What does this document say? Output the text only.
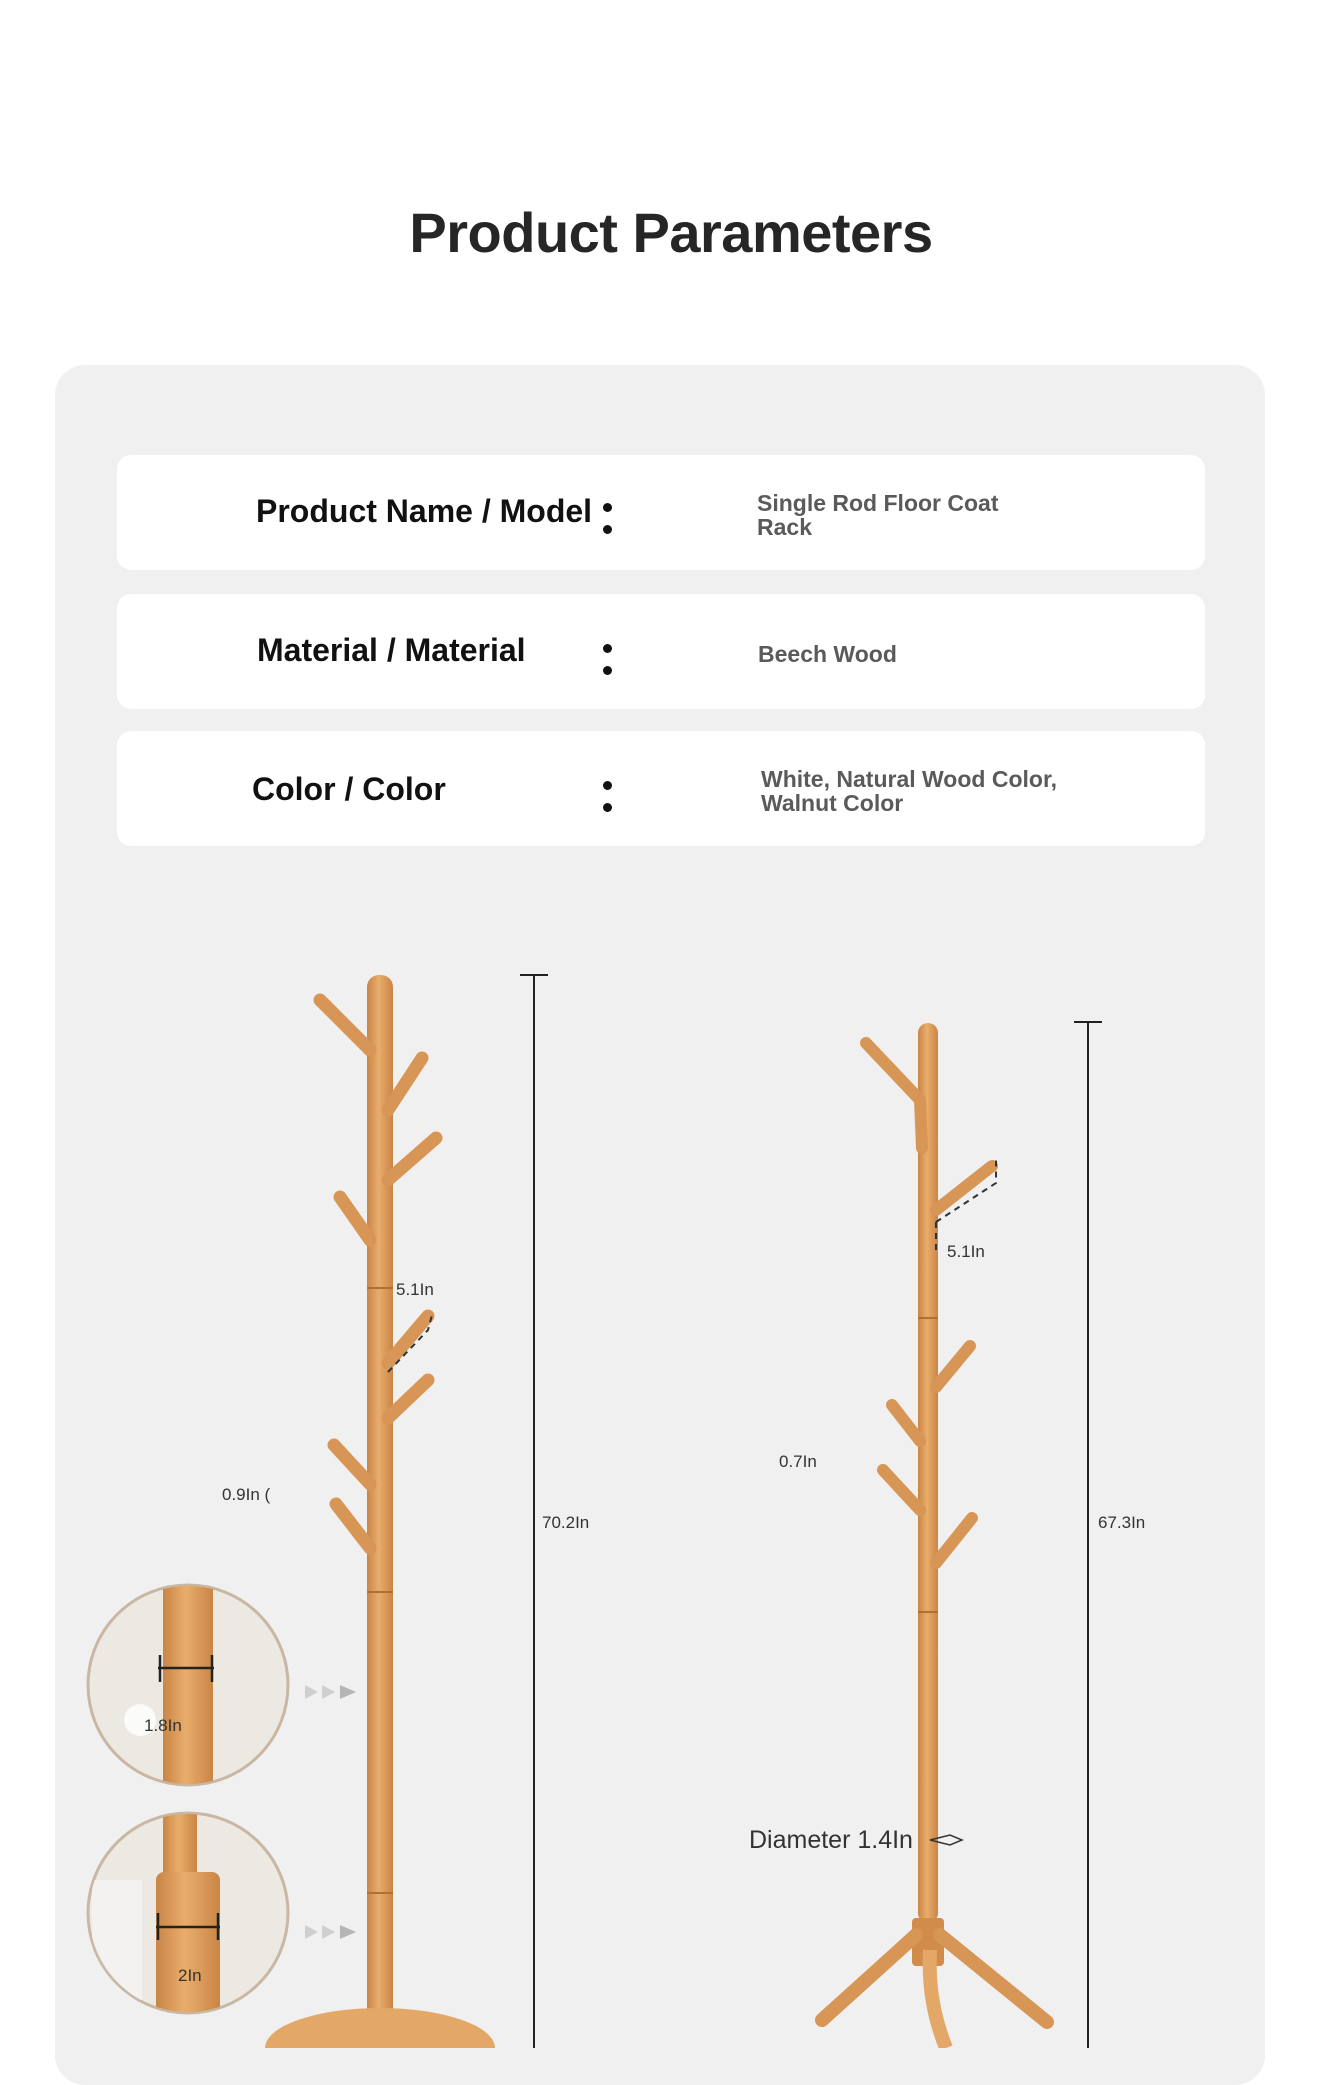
Product Parameters
Product Name / Model	Single Rod Floor Coat Rack
Material / Material	Beech Wood
Color / Color	White, Natural Wood Color, Walnut Color
5.1In
0.9In (
70.2In
1.8In
2In
5.1In
0.7In
67.3In
Diameter 1.4In
